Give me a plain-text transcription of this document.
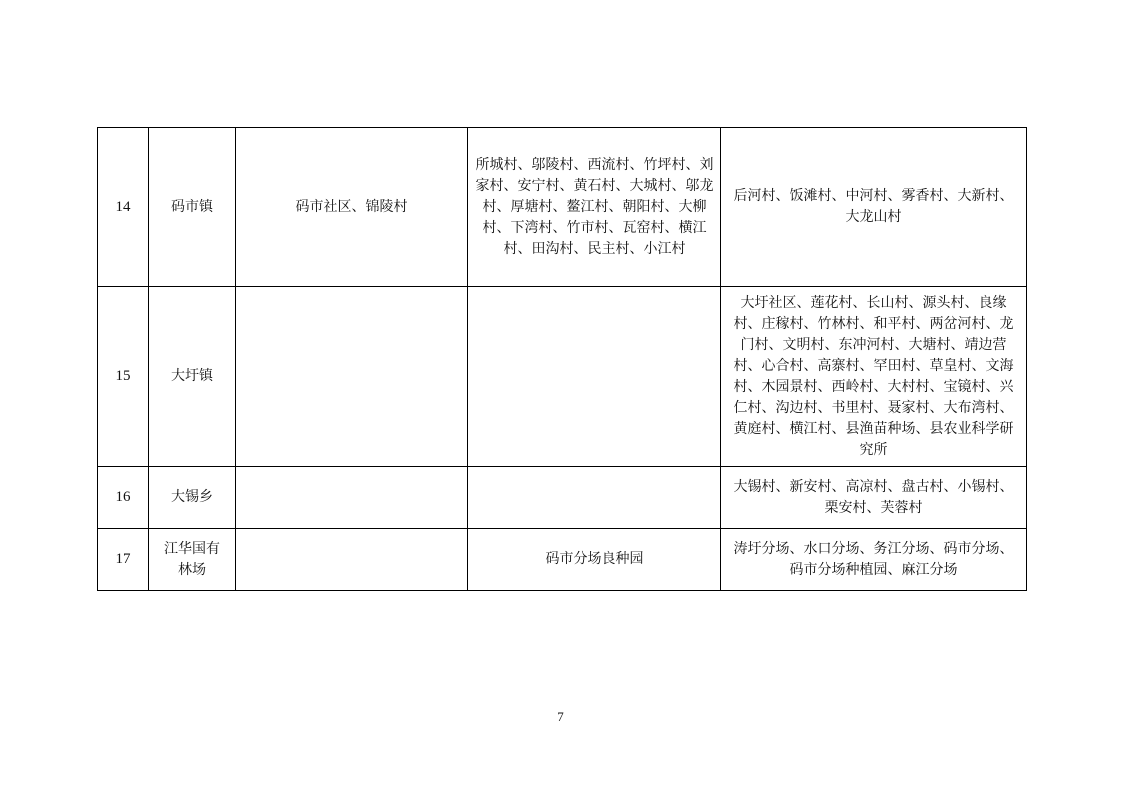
14	码市镇	码市社区、锦陵村	所城村、邬陵村、西流村、竹坪村、刘家村、安宁村、黄石村、大城村、邬龙村、厚塘村、鳌江村、朝阳村、大柳村、下湾村、竹市村、瓦窑村、横江村、田沟村、民主村、小江村	后河村、饭滩村、中河村、雾香村、大新村、大龙山村
15	大圩镇			大圩社区、莲花村、长山村、源头村、良缘村、庄稼村、竹林村、和平村、两岔河村、龙门村、文明村、东冲河村、大塘村、靖边营村、心合村、高寨村、罕田村、草皇村、文海村、木园景村、西岭村、大村村、宝镜村、兴仁村、沟边村、书里村、聂家村、大布湾村、黄庭村、横江村、县渔苗种场、县农业科学研究所
16	大锡乡			大锡村、新安村、高凉村、盘古村、小锡村、栗安村、芙蓉村
17	江华国有林场		码市分场良种园	涛圩分场、水口分场、务江分场、码市分场、码市分场种植园、麻江分场
7
